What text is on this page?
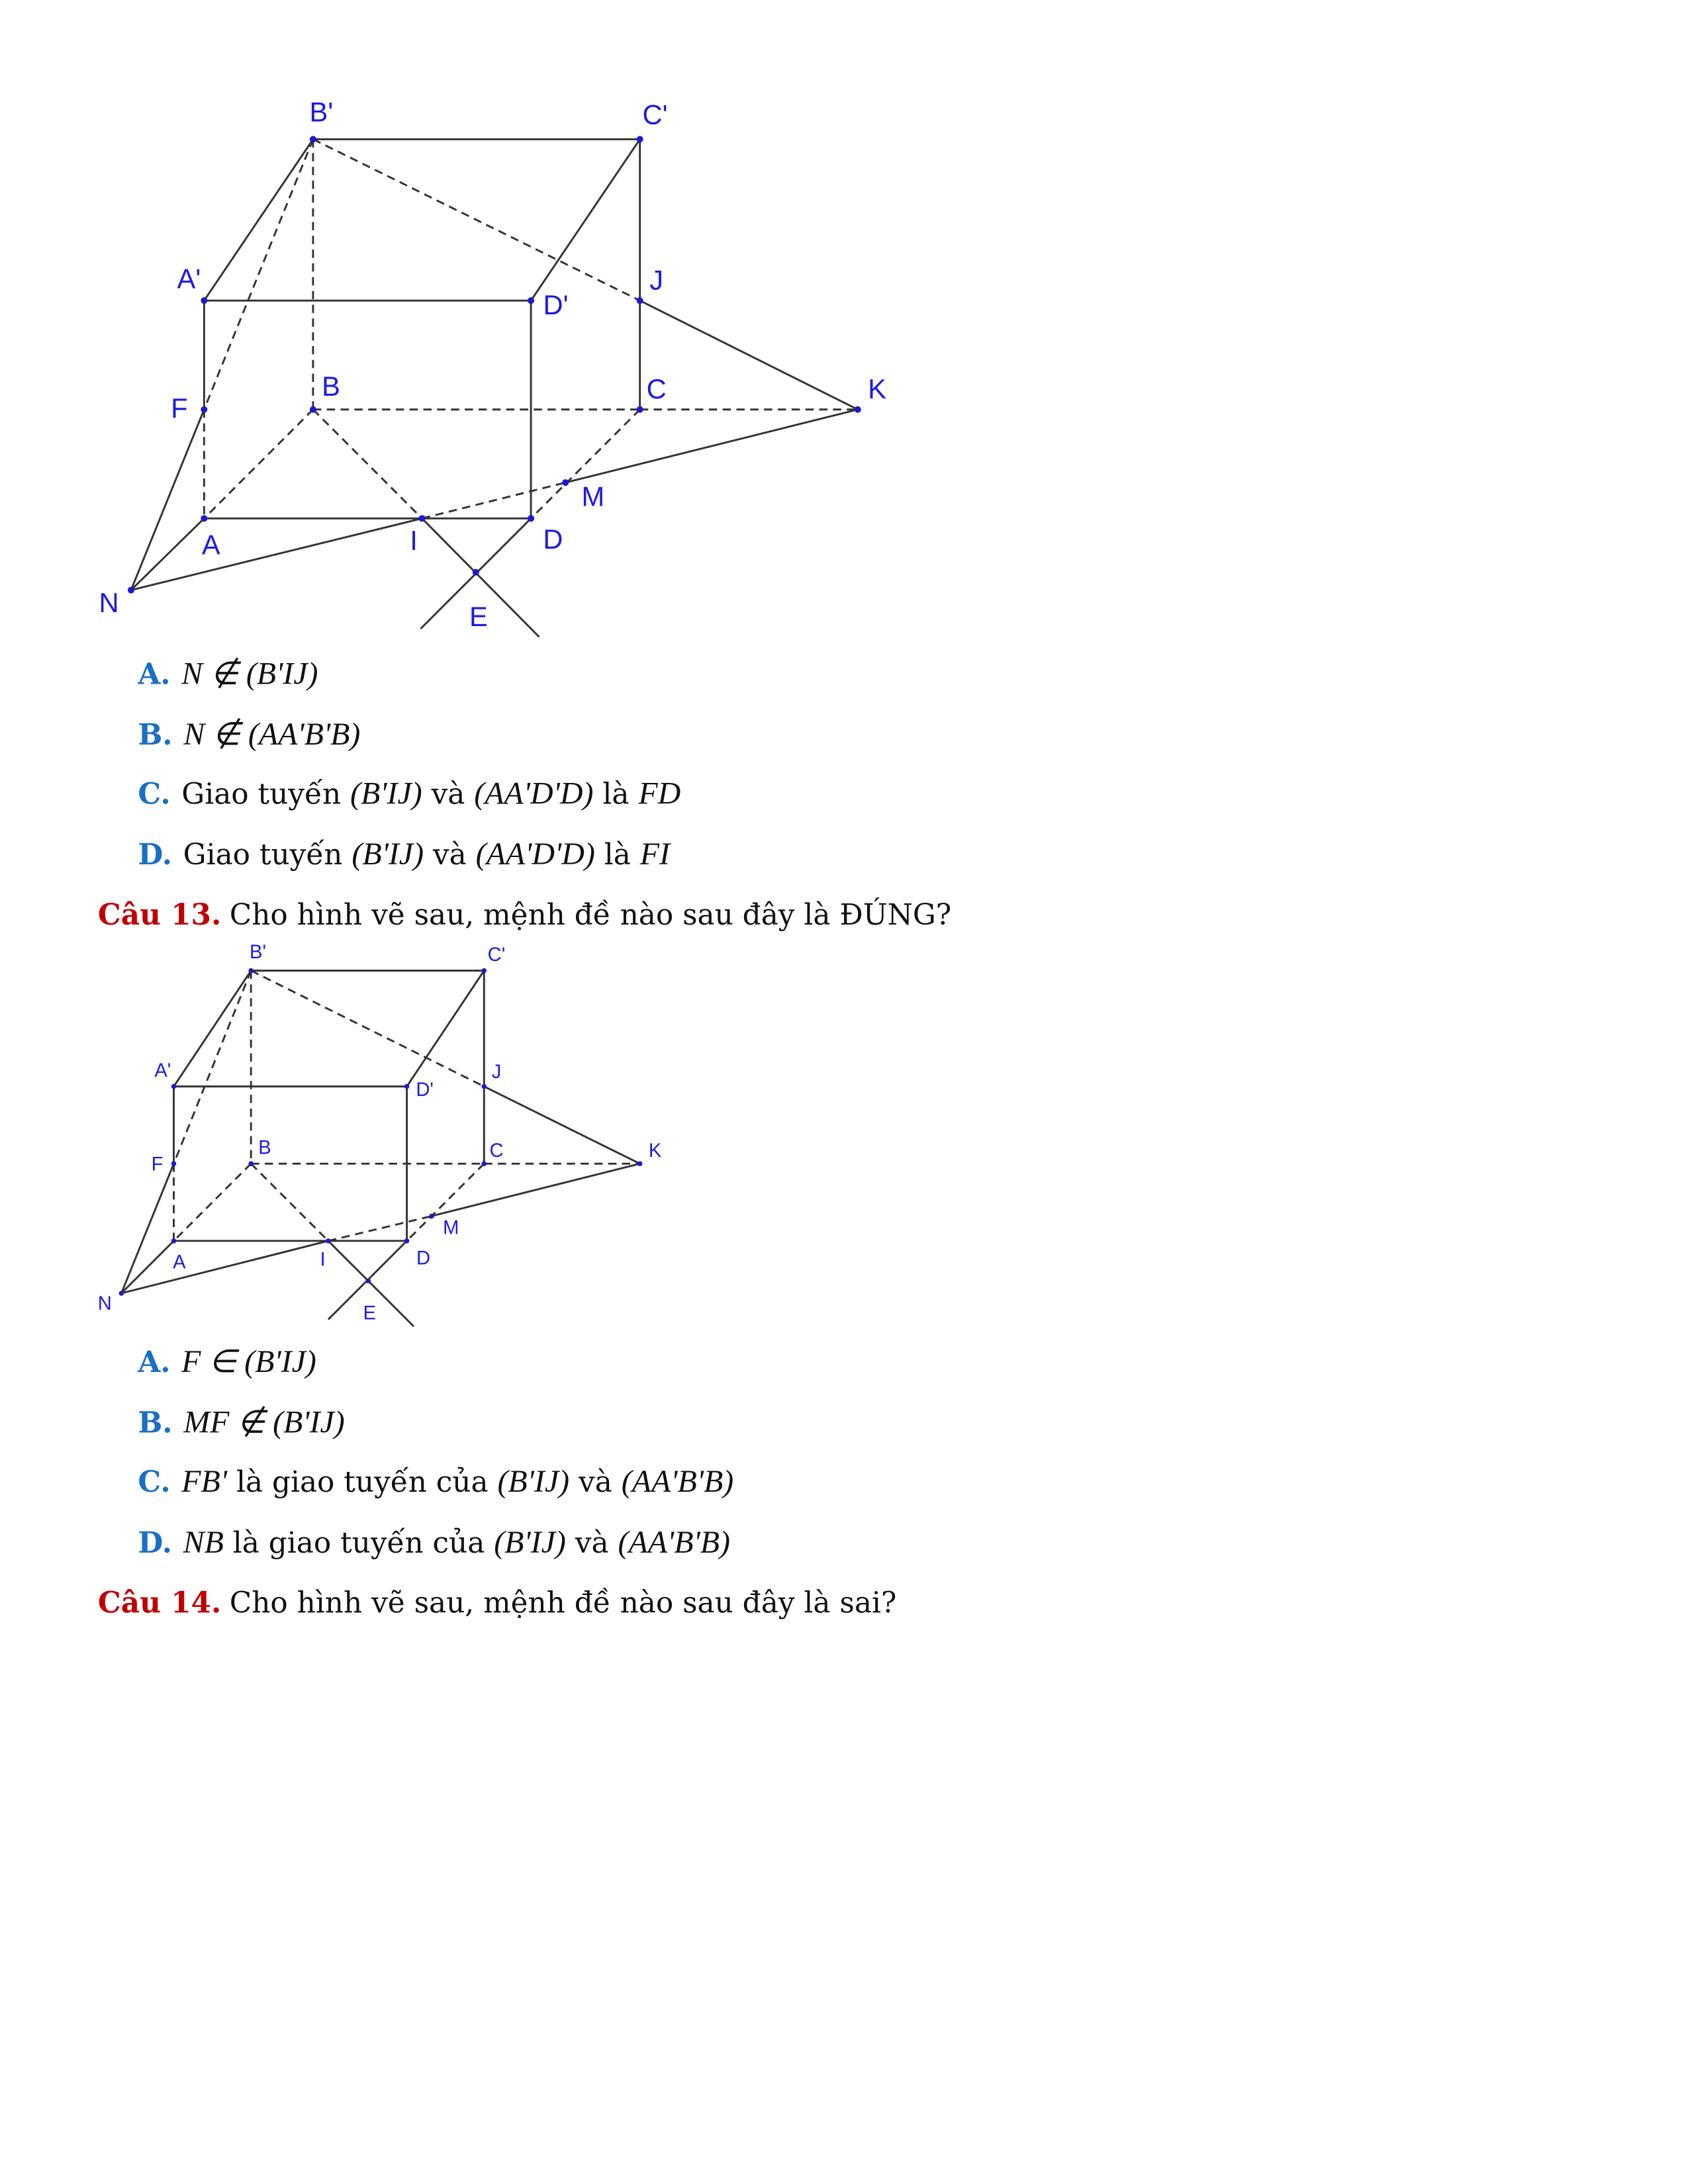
B'	C'
A'
D'
J
F
B	C	K
M
A	I	D
N	E
B'	C'
A'
D'
J
F
B	C	K
M
A	I	D
N	E
A. N ∉ (B'IJ)
B. N ∉ (AA'B'B)
C. Giao tuyến (B'IJ) và (AA'D'D) là FD
D. Giao tuyến (B'IJ) và (AA'D'D) là FI
Câu 13. Cho hình vẽ sau, mệnh đề nào sau đây là ĐÚNG?
A. F ∈ (B'IJ)
B. MF ∉ (B'IJ)
C. FB' là giao tuyến của (B'IJ) và (AA'B'B)
D. NB là giao tuyến của (B'IJ) và (AA'B'B)
Câu 14. Cho hình vẽ sau, mệnh đề nào sau đây là sai?
